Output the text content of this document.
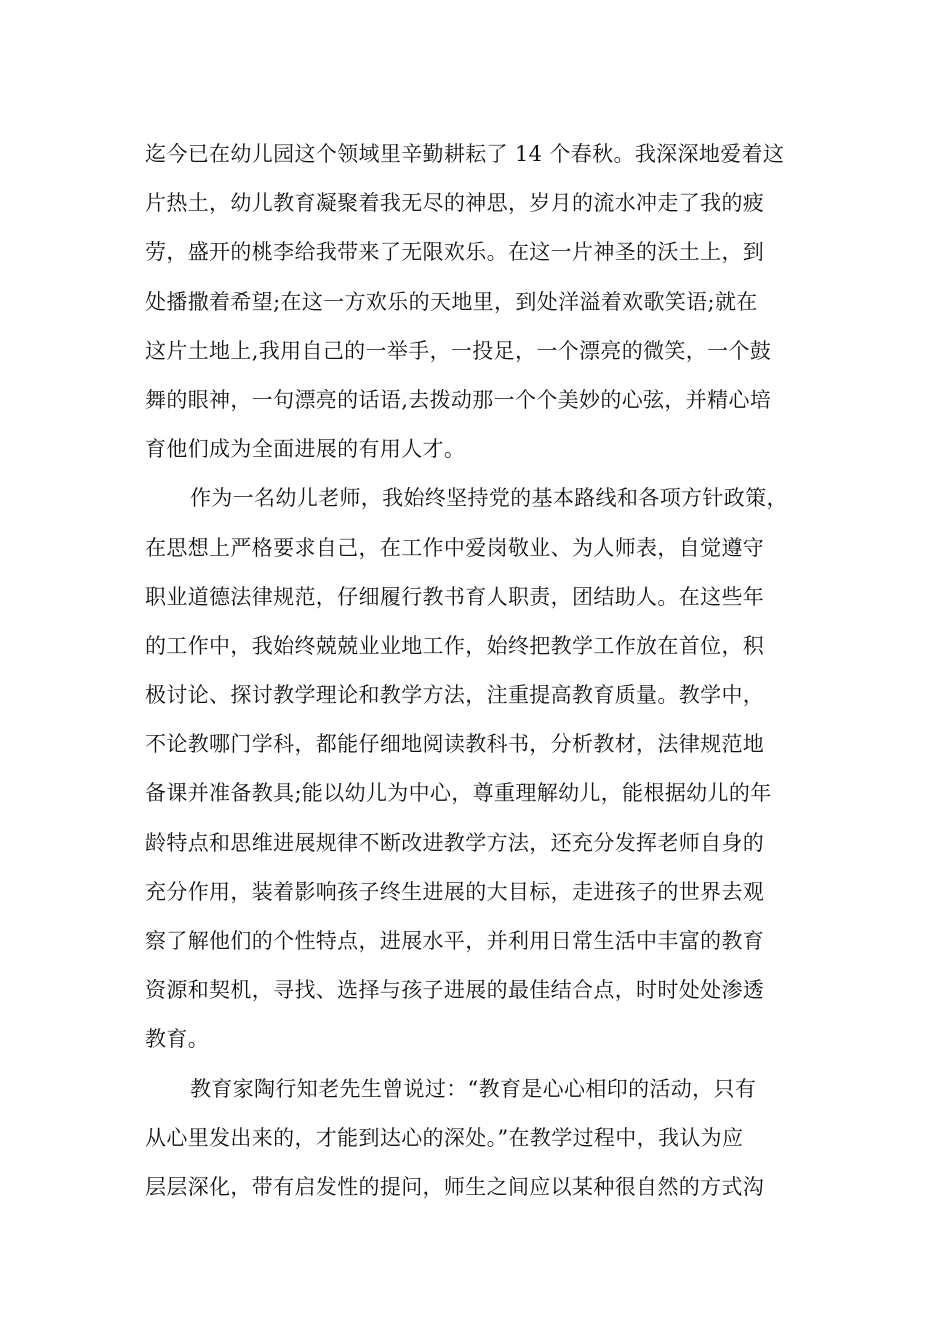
迄今已在幼儿园这个领域里辛勤耕耘了 14 个春秋。我深深地爱着这
片热土，幼儿教育凝聚着我无尽的神思，岁月的流水冲走了我的疲
劳，盛开的桃李给我带来了无限欢乐。在这一片神圣的沃土上，到
处播撒着希望;在这一方欢乐的天地里，到处洋溢着欢歌笑语;就在
这片土地上,我用自己的一举手，一投足，一个漂亮的微笑，一个鼓
舞的眼神，一句漂亮的话语,去拨动那一个个美妙的心弦，并精心培
育他们成为全面进展的有用人才。

作为一名幼儿老师，我始终坚持党的基本路线和各项方针政策，
在思想上严格要求自己，在工作中爱岗敬业、为人师表，自觉遵守
职业道德法律规范，仔细履行教书育人职责，团结助人。在这些年
的工作中，我始终兢兢业业地工作，始终把教学工作放在首位，积
极讨论、探讨教学理论和教学方法，注重提高教育质量。教学中，
不论教哪门学科，都能仔细地阅读教科书，分析教材，法律规范地
备课并准备教具;能以幼儿为中心，尊重理解幼儿，能根据幼儿的年
龄特点和思维进展规律不断改进教学方法，还充分发挥老师自身的
充分作用，装着影响孩子终生进展的大目标，走进孩子的世界去观
察了解他们的个性特点，进展水平，并利用日常生活中丰富的教育
资源和契机，寻找、选择与孩子进展的最佳结合点，时时处处渗透
教育。

教育家陶行知老先生曾说过：“教育是心心相印的活动，只有
从心里发出来的，才能到达心的深处。”在教学过程中，我认为应
层层深化，带有启发性的提问，师生之间应以某种很自然的方式沟
